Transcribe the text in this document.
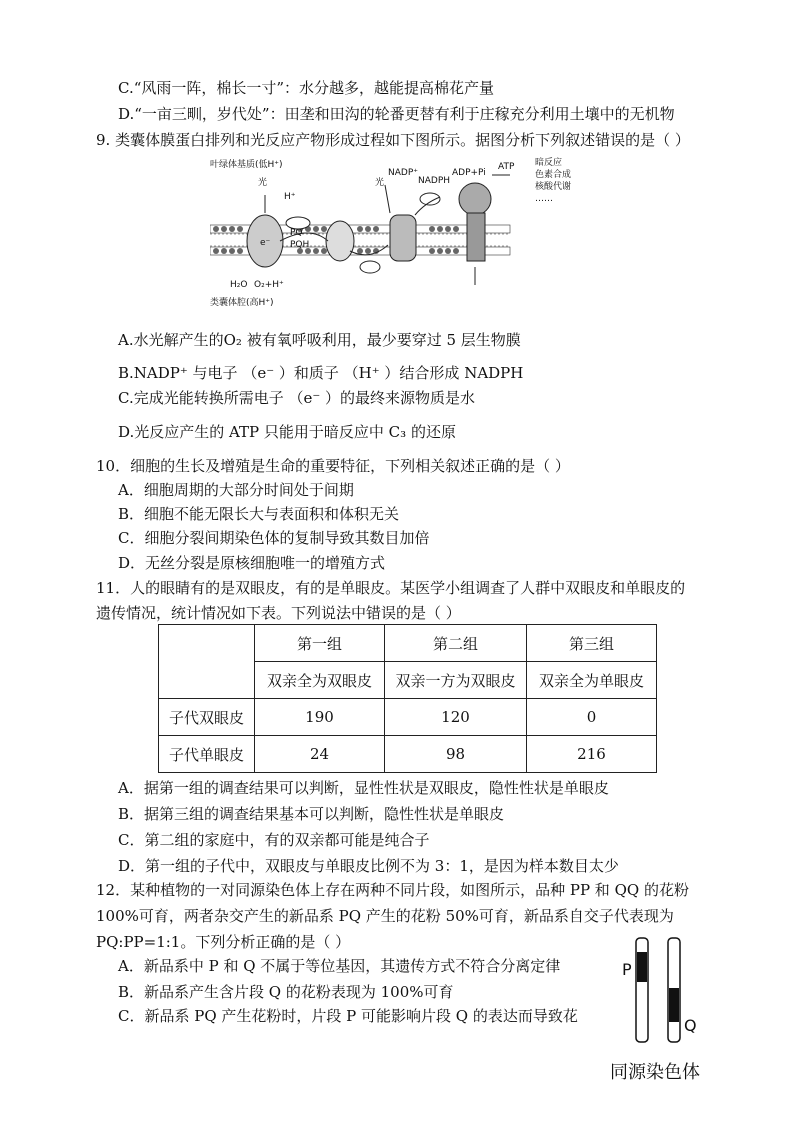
C.“风雨一阵，棉长一寸”：水分越多，越能提高棉花产量
D.“一亩三甽，岁代处”：田垄和田沟的轮番更替有利于庄稼充分利用土壤中的无机物
9. 类囊体膜蛋白排列和光反应产物形成过程如下图所示。据图分析下列叙述错误的是（ ）
叶绿体基质(低H⁺)
光
H⁺
PQ
PQH
e⁻
光
NADP⁺
NADPH
ADP+Pi
ATP 暗反应
色素合成
核酸代谢
……
H₂O O₂+H⁺
类囊体腔(高H⁺)
A.水光解产生的O₂ 被有氧呼吸利用，最少要穿过 5 层生物膜
B.NADP⁺ 与电子 （e⁻ ）和质子 （H⁺ ）结合形成 NADPH
C.完成光能转换所需电子 （e⁻ ）的最终来源物质是水
D.光反应产生的 ATP 只能用于暗反应中 C₃ 的还原
10．细胞的生长及增殖是生命的重要特征，下列相关叙述正确的是（ ）
A．细胞周期的大部分时间处于间期
B．细胞不能无限长大与表面积和体积无关
C．细胞分裂间期染色体的复制导致其数目加倍
D．无丝分裂是原核细胞唯一的增殖方式
11．人的眼睛有的是双眼皮，有的是单眼皮。某医学小组调查了人群中双眼皮和单眼皮的
遗传情况，统计情况如下表。下列说法中错误的是（ ）
	第一组	第二组	第三组
	双亲全为双眼皮	双亲一方为双眼皮	双亲全为单眼皮
子代双眼皮	190	120	0
子代单眼皮	24	98	216
A．据第一组的调查结果可以判断，显性性状是双眼皮，隐性性状是单眼皮
B．据第三组的调查结果基本可以判断，隐性性状是单眼皮
C．第二组的家庭中，有的双亲都可能是纯合子
D．第一组的子代中，双眼皮与单眼皮比例不为 3：1，是因为样本数目太少
12．某种植物的一对同源染色体上存在两种不同片段，如图所示，品种 PP 和 QQ 的花粉
100%可育，两者杂交产生的新品系 PQ 产生的花粉 50%可育，新品系自交子代表现为
PQ:PP=1:1。下列分析正确的是（ ）
A．新品系中 P 和 Q 不属于等位基因，其遗传方式不符合分离定律
B．新品系产生含片段 Q 的花粉表现为 100%可育
C．新品系 PQ 产生花粉时，片段 P 可能影响片段 Q 的表达而导致花
P
Q
同源染色体
